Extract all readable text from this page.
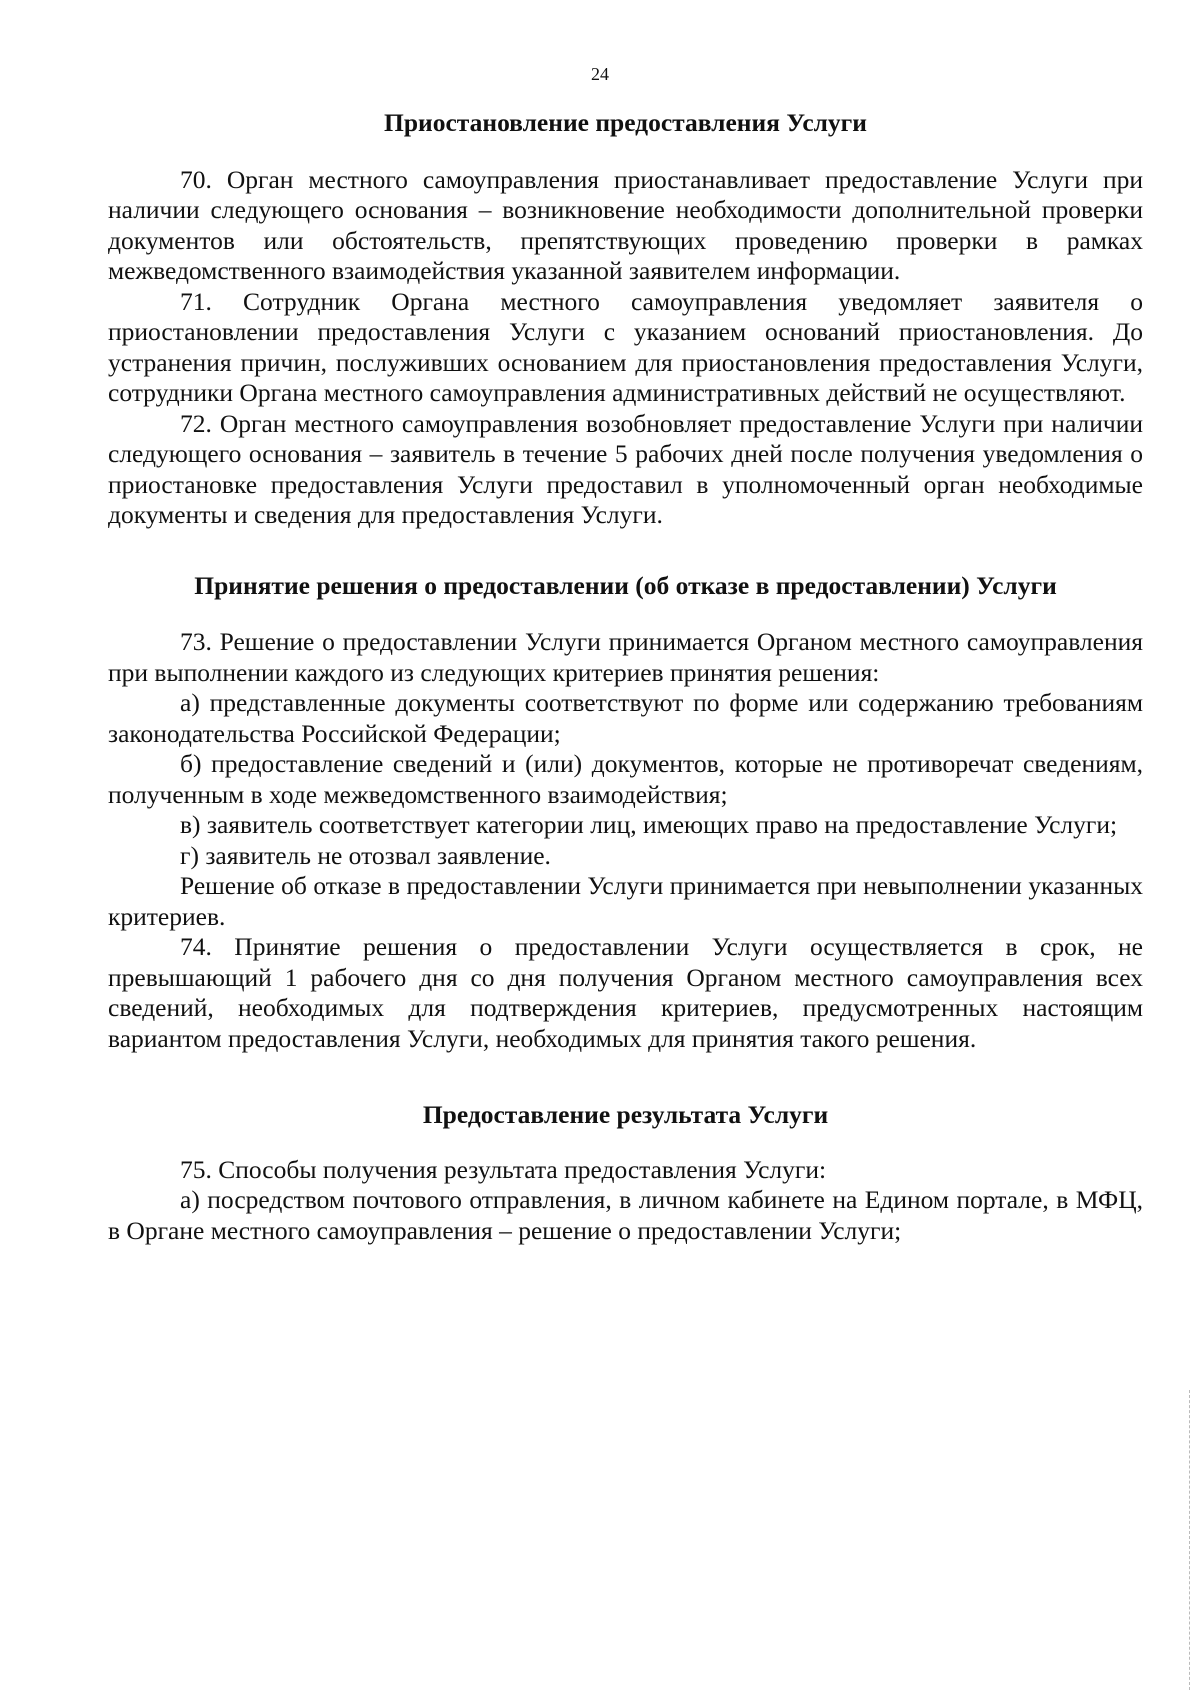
24

Приостановление предоставления Услуги

70. Орган местного самоуправления приостанавливает предоставление Услуги при наличии следующего основания – возникновение необходимости дополнительной проверки документов или обстоятельств, препятствующих проведению проверки в рамках межведомственного взаимодействия указанной заявителем информации.

71. Сотрудник Органа местного самоуправления уведомляет заявителя о приостановлении предоставления Услуги с указанием оснований приостановления. До устранения причин, послуживших основанием для приостановления предоставления Услуги, сотрудники Органа местного самоуправления административных действий не осуществляют.

72. Орган местного самоуправления возобновляет предоставление Услуги при наличии следующего основания – заявитель в течение 5 рабочих дней после получения уведомления о приостановке предоставления Услуги предоставил в уполномоченный орган необходимые документы и сведения для предоставления Услуги.

Принятие решения о предоставлении (об отказе в предоставлении) Услуги

73. Решение о предоставлении Услуги принимается Органом местного самоуправления при выполнении каждого из следующих критериев принятия решения:

а) представленные документы соответствуют по форме или содержанию требованиям законодательства Российской Федерации;

б) предоставление сведений и (или) документов, которые не противоречат сведениям, полученным в ходе межведомственного взаимодействия;

в) заявитель соответствует категории лиц, имеющих право на предоставление Услуги;

г) заявитель не отозвал заявление.

Решение об отказе в предоставлении Услуги принимается при невыполнении указанных критериев.

74. Принятие решения о предоставлении Услуги осуществляется в срок, не превышающий 1 рабочего дня со дня получения Органом местного самоуправления всех сведений, необходимых для подтверждения критериев, предусмотренных настоящим вариантом предоставления Услуги, необходимых для принятия такого решения.

Предоставление результата Услуги

75. Способы получения результата предоставления Услуги:

а) посредством почтового отправления, в личном кабинете на Едином портале, в МФЦ, в Органе местного самоуправления – решение о предоставлении Услуги;
